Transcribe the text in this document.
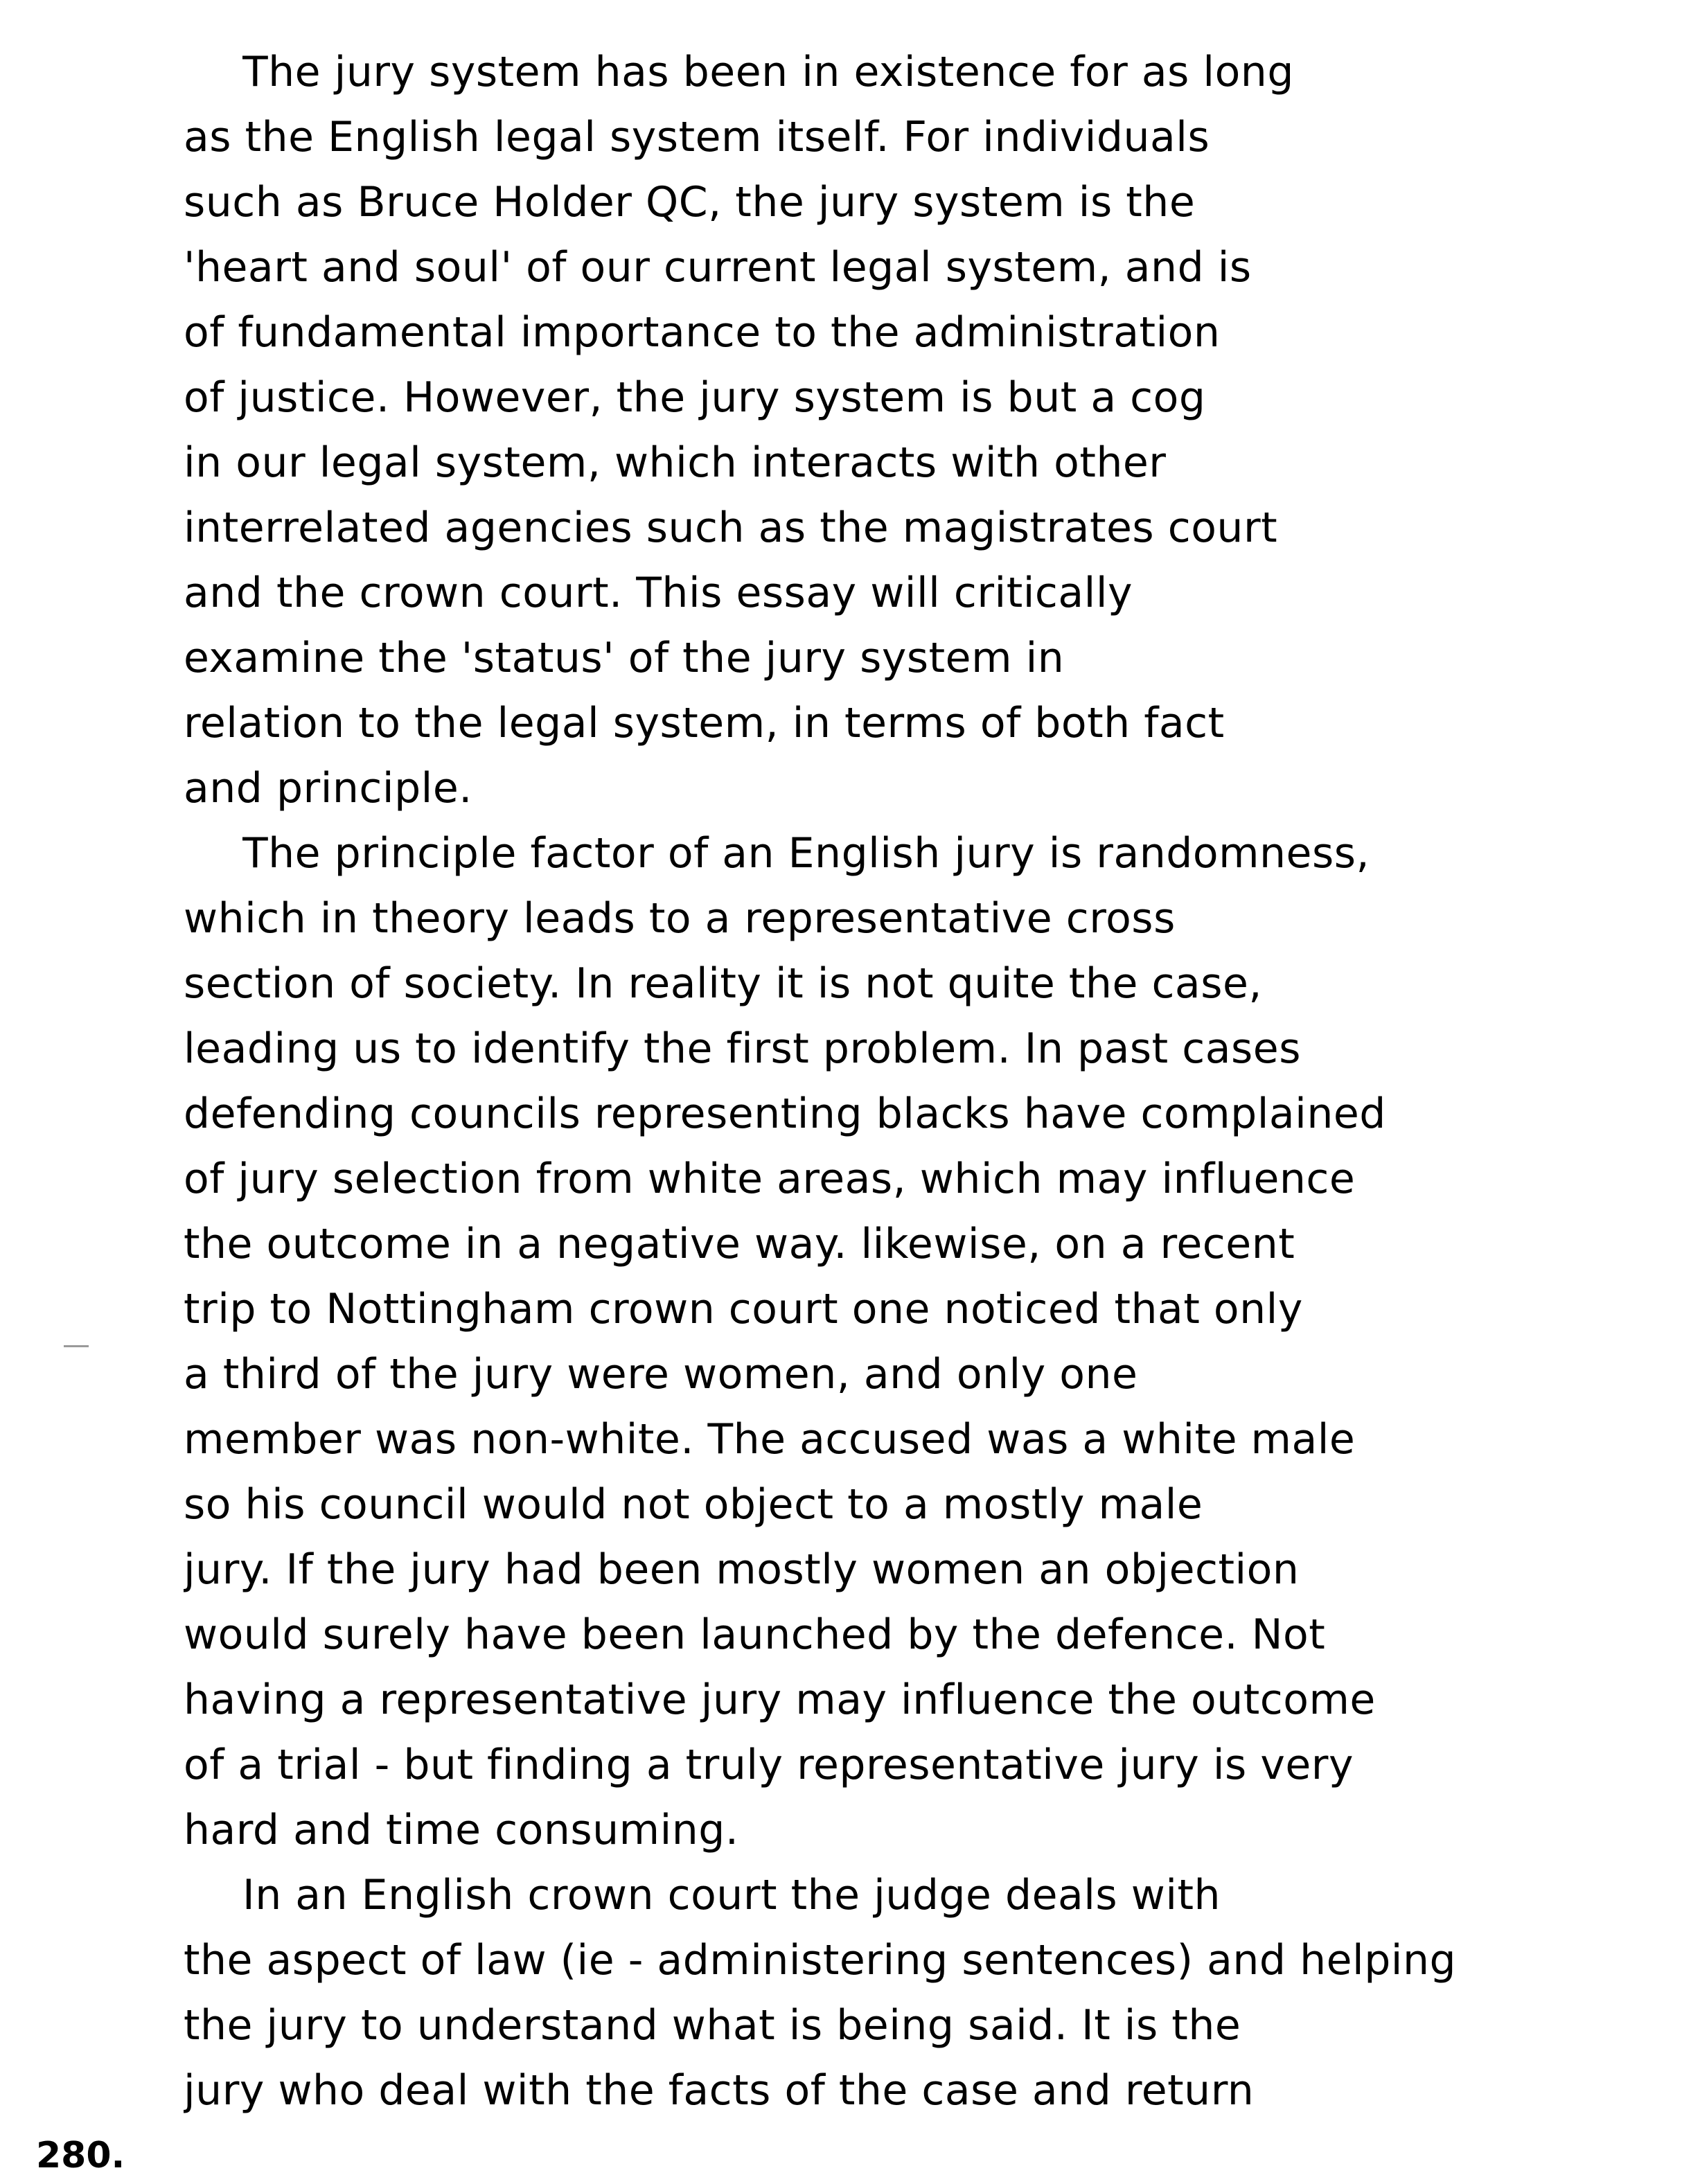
The jury system has been in existence for as long
as the English legal system itself. For individuals
such as Bruce Holder QC, the jury system is the
'heart and soul' of our current legal system, and is
of fundamental importance to the administration
of justice. However, the jury system is but a cog
in our legal system, which interacts with other
interrelated agencies such as the magistrates court
and the crown court. This essay will critically
examine the 'status' of the jury system in
relation to the legal system, in terms of both fact
and principle.
The principle factor of an English jury is randomness,
which in theory leads to a representative cross
section of society. In reality it is not quite the case,
leading us to identify the first problem. In past cases
defending councils representing blacks have complained
of jury selection from white areas, which may influence
the outcome in a negative way. likewise, on a recent
trip to Nottingham crown court one noticed that only
a third of the jury were women, and only one
member was non-white. The accused was a white male
so his council would not object to a mostly male
jury. If the jury had been mostly women an objection
would surely have been launched by the defence. Not
having a representative jury may influence the outcome
of a trial - but finding a truly representative jury is very
hard and time consuming.
In an English crown court the judge deals with
the aspect of law (ie - administering sentences) and helping
the jury to understand what is being said. It is the
jury who deal with the facts of the case and return
280.
